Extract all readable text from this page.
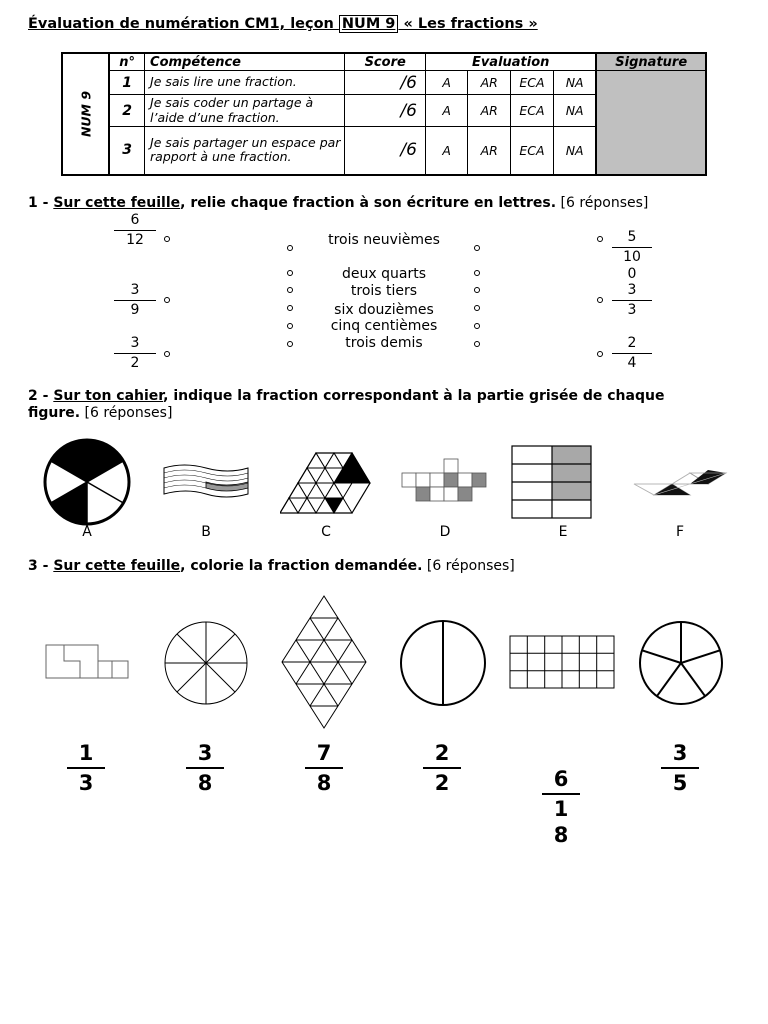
Évaluation de numération CM1, leçon NUM 9 « Les fractions »
NUM 9	n°	Compétence	Score	Evaluation				Signature
	1	Je sais lire une fraction.	/6	A	AR	ECA	NA	
	2	Je sais coder un partage à l’aide d’une fraction.	/6	A	AR	ECA	NA	
	3	Je sais partager un espace par rapport à une fraction.	/6	A	AR	ECA	NA	
1 - Sur cette feuille, relie chaque fraction à son écriture en lettres. [6 réponses]
6
12
3
9
3
2
trois neuvièmes
deux quarts
trois tiers
six douzièmes
cinq centièmes
trois demis

5
10
0

3
3
2
4
2 - Sur ton cahier, indique la fraction correspondant à la partie grisée de chaque
figure. [6 réponses]
A	B	C	D	E	F
3 - Sur cette feuille, colorie la fraction demandée. [6 réponses]
1
3
3
8
7
8
2
2	6
1
8

3
5
